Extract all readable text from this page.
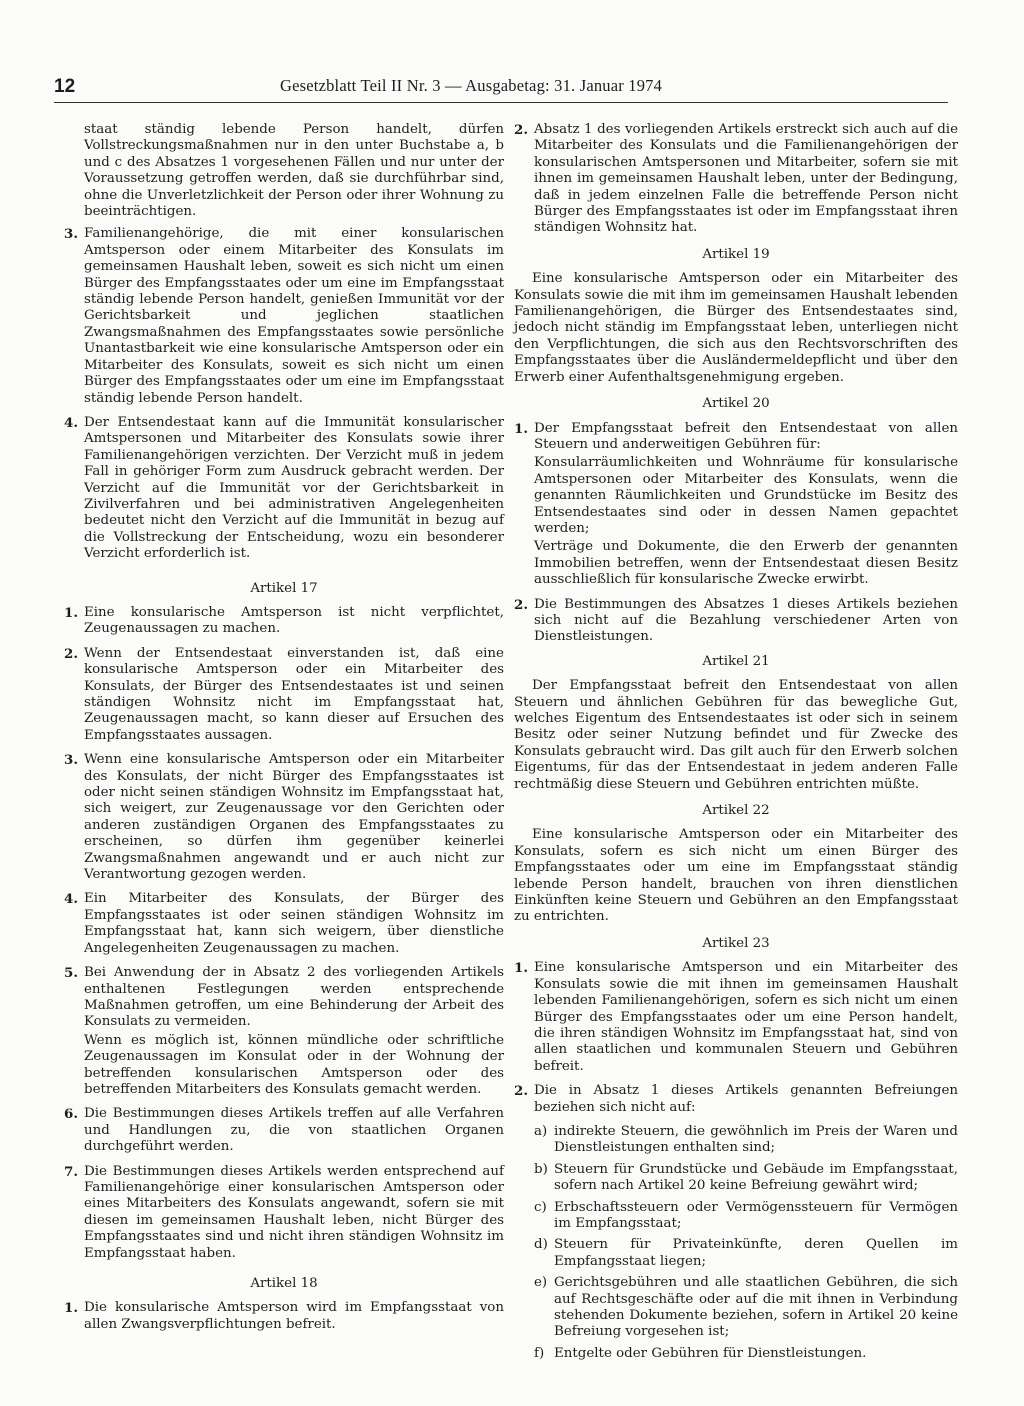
12	Gesetzblatt Teil II Nr. 3 — Ausgabetag: 31. Januar 1974

staat ständig lebende Person handelt, dürfen Vollstreckungsmaßnahmen nur in den unter Buchstabe a, b und c des Absatzes 1 vorgesehenen Fällen und nur unter der Voraussetzung getroffen werden, daß sie durchführbar sind, ohne die Unverletzlichkeit der Person oder ihrer Wohnung zu beeinträchtigen.

3. Familienangehörige, die mit einer konsularischen Amtsperson oder einem Mitarbeiter des Konsulats im gemeinsamen Haushalt leben, soweit es sich nicht um einen Bürger des Empfangsstaates oder um eine im Empfangsstaat ständig lebende Person handelt, genießen Immunität vor der Gerichtsbarkeit und jeglichen staatlichen Zwangsmaßnahmen des Empfangsstaates sowie persönliche Unantastbarkeit wie eine konsularische Amtsperson oder ein Mitarbeiter des Konsulats, soweit es sich nicht um einen Bürger des Empfangsstaates oder um eine im Empfangsstaat ständig lebende Person handelt.
4. Der Entsendestaat kann auf die Immunität konsularischer Amtspersonen und Mitarbeiter des Konsulats sowie ihrer Familienangehörigen verzichten. Der Verzicht muß in jedem Fall in gehöriger Form zum Ausdruck gebracht werden. Der Verzicht auf die Immunität vor der Gerichtsbarkeit in Zivilverfahren und bei administrativen Angelegenheiten bedeutet nicht den Verzicht auf die Immunität in bezug auf die Vollstreckung der Entscheidung, wozu ein besonderer Verzicht erforderlich ist.
Artikel 17
1. Eine konsularische Amtsperson ist nicht verpflichtet, Zeugenaussagen zu machen.
2. Wenn der Entsendestaat einverstanden ist, daß eine konsularische Amtsperson oder ein Mitarbeiter des Konsulats, der Bürger des Entsendestaates ist und seinen ständigen Wohnsitz nicht im Empfangsstaat hat, Zeugenaussagen macht, so kann dieser auf Ersuchen des Empfangsstaates aussagen.
3. Wenn eine konsularische Amtsperson oder ein Mitarbeiter des Konsulats, der nicht Bürger des Empfangsstaates ist oder nicht seinen ständigen Wohnsitz im Empfangsstaat hat, sich weigert, zur Zeugenaussage vor den Gerichten oder anderen zuständigen Organen des Empfangsstaates zu erscheinen, so dürfen ihm gegenüber keinerlei Zwangsmaßnahmen angewandt und er auch nicht zur Verantwortung gezogen werden.
4. Ein Mitarbeiter des Konsulats, der Bürger des Empfangsstaates ist oder seinen ständigen Wohnsitz im Empfangsstaat hat, kann sich weigern, über dienstliche Angelegenheiten Zeugenaussagen zu machen.
5. Bei Anwendung der in Absatz 2 des vorliegenden Artikels enthaltenen Festlegungen werden entsprechende Maßnahmen getroffen, um eine Behinderung der Arbeit des Konsulats zu vermeiden.
Wenn es möglich ist, können mündliche oder schriftliche Zeugenaussagen im Konsulat oder in der Wohnung der betreffenden konsularischen Amtsperson oder des betreffenden Mitarbeiters des Konsulats gemacht werden.
6. Die Bestimmungen dieses Artikels treffen auf alle Verfahren und Handlungen zu, die von staatlichen Organen durchgeführt werden.
7. Die Bestimmungen dieses Artikels werden entsprechend auf Familienangehörige einer konsularischen Amtsperson oder eines Mitarbeiters des Konsulats angewandt, sofern sie mit diesen im gemeinsamen Haushalt leben, nicht Bürger des Empfangsstaates sind und nicht ihren ständigen Wohnsitz im Empfangsstaat haben.
Artikel 18
1. Die konsularische Amtsperson wird im Empfangsstaat von allen Zwangsverpflichtungen befreit.
2. Absatz 1 des vorliegenden Artikels erstreckt sich auch auf die Mitarbeiter des Konsulats und die Familienangehörigen der konsularischen Amtspersonen und Mitarbeiter, sofern sie mit ihnen im gemeinsamen Haushalt leben, unter der Bedingung, daß in jedem einzelnen Falle die betreffende Person nicht Bürger des Empfangsstaates ist oder im Empfangsstaat ihren ständigen Wohnsitz hat.
Artikel 19

Eine konsularische Amtsperson oder ein Mitarbeiter des Konsulats sowie die mit ihm im gemeinsamen Haushalt lebenden Familienangehörigen, die Bürger des Entsendestaates sind, jedoch nicht ständig im Empfangsstaat leben, unterliegen nicht den Verpflichtungen, die sich aus den Rechtsvorschriften des Empfangsstaates über die Ausländermeldepflicht und über den Erwerb einer Aufenthaltsgenehmigung ergeben.

Artikel 20
1. Der Empfangsstaat befreit den Entsendestaat von allen Steuern und anderweitigen Gebühren für:
Konsularräumlichkeiten und Wohnräume für konsularische Amtspersonen oder Mitarbeiter des Konsulats, wenn die genannten Räumlichkeiten und Grundstücke im Besitz des Entsendestaates sind oder in dessen Namen gepachtet werden;
Verträge und Dokumente, die den Erwerb der genannten Immobilien betreffen, wenn der Entsendestaat diesen Besitz ausschließlich für konsularische Zwecke erwirbt.
2. Die Bestimmungen des Absatzes 1 dieses Artikels beziehen sich nicht auf die Bezahlung verschiedener Arten von Dienstleistungen.
Artikel 21

Der Empfangsstaat befreit den Entsendestaat von allen Steuern und ähnlichen Gebühren für das bewegliche Gut, welches Eigentum des Entsendestaates ist oder sich in seinem Besitz oder seiner Nutzung befindet und für Zwecke des Konsulats gebraucht wird. Das gilt auch für den Erwerb solchen Eigentums, für das der Entsendestaat in jedem anderen Falle rechtmäßig diese Steuern und Gebühren entrichten müßte.

Artikel 22

Eine konsularische Amtsperson oder ein Mitarbeiter des Konsulats, sofern es sich nicht um einen Bürger des Empfangsstaates oder um eine im Empfangsstaat ständig lebende Person handelt, brauchen von ihren dienstlichen Einkünften keine Steuern und Gebühren an den Empfangsstaat zu entrichten.

Artikel 23
1. Eine konsularische Amtsperson und ein Mitarbeiter des Konsulats sowie die mit ihnen im gemeinsamen Haushalt lebenden Familienangehörigen, sofern es sich nicht um einen Bürger des Empfangsstaates oder um eine Person handelt, die ihren ständigen Wohnsitz im Empfangsstaat hat, sind von allen staatlichen und kommunalen Steuern und Gebühren befreit.
2. Die in Absatz 1 dieses Artikels genannten Befreiungen beziehen sich nicht auf:
a) indirekte Steuern, die gewöhnlich im Preis der Waren und Dienstleistungen enthalten sind;
b) Steuern für Grundstücke und Gebäude im Empfangsstaat, sofern nach Artikel 20 keine Befreiung gewährt wird;
c) Erbschaftssteuern oder Vermögenssteuern für Vermögen im Empfangsstaat;
d) Steuern für Privateinkünfte, deren Quellen im Empfangsstaat liegen;
e) Gerichtsgebühren und alle staatlichen Gebühren, die sich auf Rechtsgeschäfte oder auf die mit ihnen in Verbindung stehenden Dokumente beziehen, sofern in Artikel 20 keine Befreiung vorgesehen ist;
f) Entgelte oder Gebühren für Dienstleistungen.
